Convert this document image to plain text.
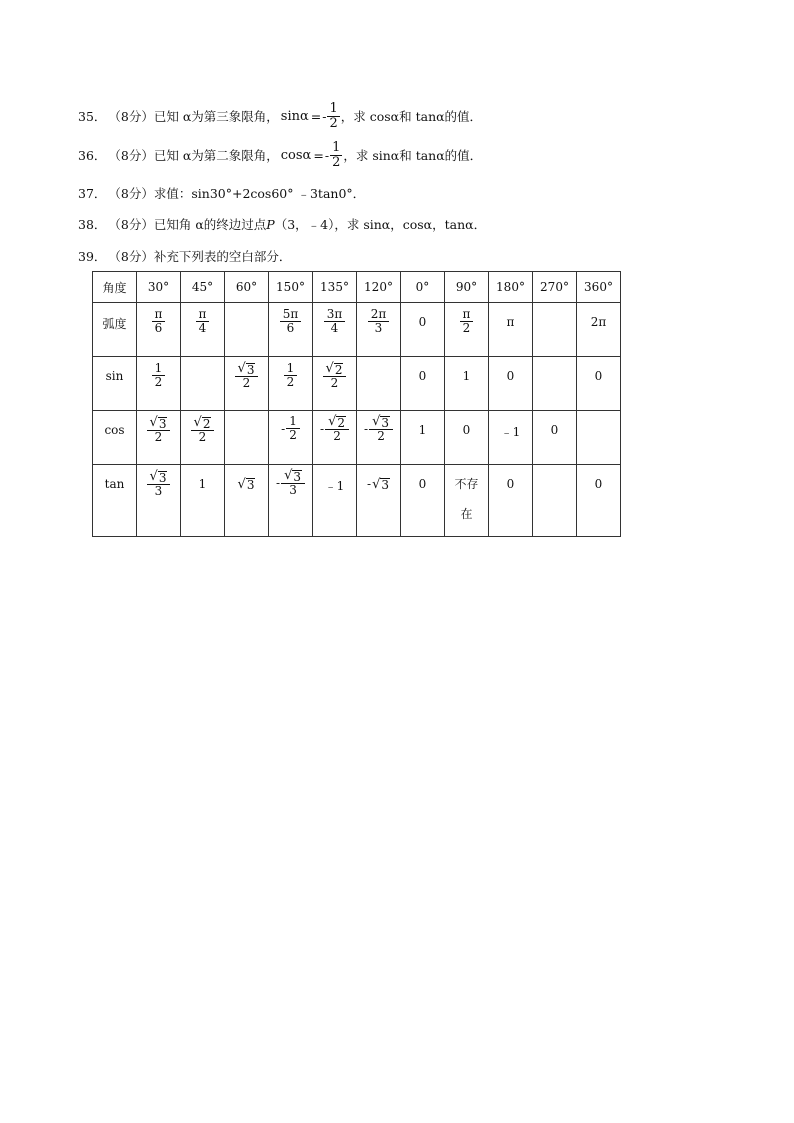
35． （8分） 已知 α为第三象限角， sinα = - $\frac{1}{2}$ ，求 cosα和 tanα的值．
36． （8分） 已知 α为第二象限角， cosα = - $\frac{1}{2}$ ，求 sinα和 tanα的值．
37． （8分） 求值：sin30°+2cos60° ﹣3tan0°．
38． （8分） 已知角 α的终边过点 P （3，﹣4），求 sinα，cosα，tanα．
39． （8分） 补充下列表的空白部分．
角度	30°	45°	60°	150°	135°	120°	0°	90°	180°	270°	360°
弧度	$\frac{\pi}{6}$	$\frac{\pi}{4}$		$\frac{5\pi}{6}$	$\frac{3\pi}{4}$	$\frac{2\pi}{3}$	0	$\frac{\pi}{2}$	π		2π
sin	$\frac{1}{2}$		$\frac{√ 3}{2}$	$\frac{1}{2}$	$\frac{√ 2}{2}$		0	1	0		0
cos	$\frac{√ 3}{2}$	$\frac{√ 2}{2}$		- $\frac{1}{2}$	- $\frac{√ 2}{2}$	- $\frac{√ 3}{2}$	1	0	﹣1	0	
tan	$\frac{√ 3}{3}$	1	√ 3	- $\frac{√ 3}{3}$	﹣1	- √ 3	0	不存
在	0		0
